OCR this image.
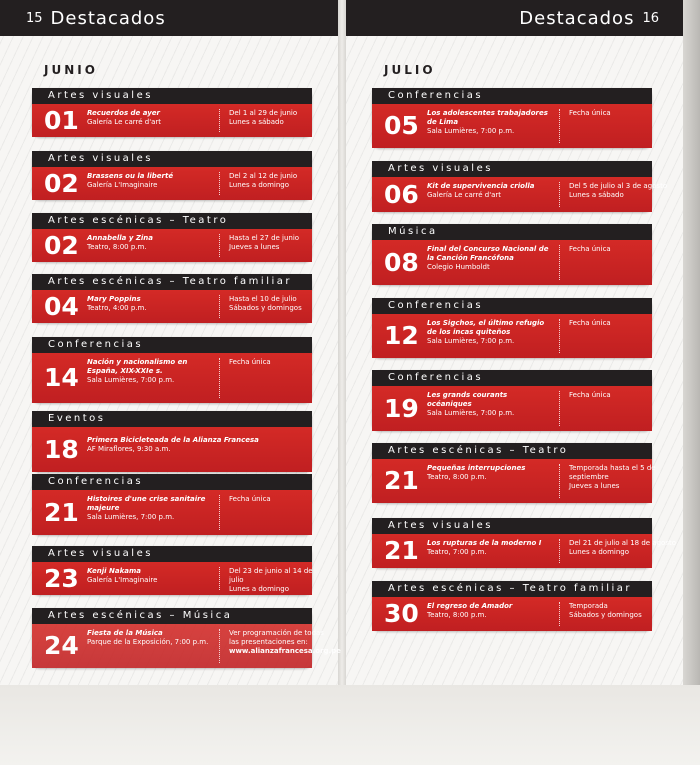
15 Destacados	Destacados 16
JUNIO	JULIO
Artes visuales
01 Recuerdos de ayer
Galería Le carré d'art
Del 1 al 29 de junio
Lunes a sábado
Artes visuales
02 Brassens ou la liberté
Galería L'Imaginaire
Del 2 al 12 de junio
Lunes a domingo
Artes escénicas – Teatro
02 Annabella y Zina
Teatro, 8:00 p.m.
Hasta el 27 de junio
Jueves a lunes
Artes escénicas – Teatro familiar
04 Mary Poppins
Teatro, 4:00 p.m.
Hasta el 10 de julio
Sábados y domingos
Conferencias
14
Nación y nacionalismo en España, XIX-XXIe s.
Sala Lumières, 7:00 p.m.
Fecha única
Eventos
18 Primera Bicicleteada de la Alianza Francesa
AF Miraflores, 9:30 a.m.
Conferencias
21 Histoires d'une crise sanitaire majeure
Sala Lumières, 7:00 p.m.
Fecha única
Artes visuales
23 Kenji Nakama
Galería L'Imaginaire
Del 23 de junio al 14 de julio
Lunes a domingo
Artes escénicas – Música
24 Fiesta de la Música
Parque de la Exposición, 7:00 p.m.
Ver programación de todas las presentaciones en:
www.alianzafrancesa.org.pe
Conferencias
05 Los adolescentes trabajadores de Lima
Sala Lumières, 7:00 p.m.
Fecha única
Artes visuales
06 Kit de supervivencia criolla
Galería Le carré d'art
Del 5 de julio al 3 de agosto
Lunes a sábado
Música
08 Final del Concurso Nacional de la Canción Francófona
Colegio Humboldt
Fecha única
Conferencias
12 Los Sigchos, el último refugio de los incas quiteños
Sala Lumières, 7:00 p.m.
Fecha única
Conferencias
19 Les grands courants océaniques
Sala Lumières, 7:00 p.m.
Fecha única
Artes escénicas – Teatro
21 Pequeñas interrupciones
Teatro, 8:00 p.m.
Temporada hasta el 5 de septiembre
Jueves a lunes
Artes visuales
21 Los rupturas de la moderno I
Teatro, 7:00 p.m.
Del 21 de julio al 18 de agosto
Lunes a domingo
Artes escénicas – Teatro familiar
30 El regreso de Amador
Teatro, 8:00 p.m.
Temporada
Sábados y domingos
